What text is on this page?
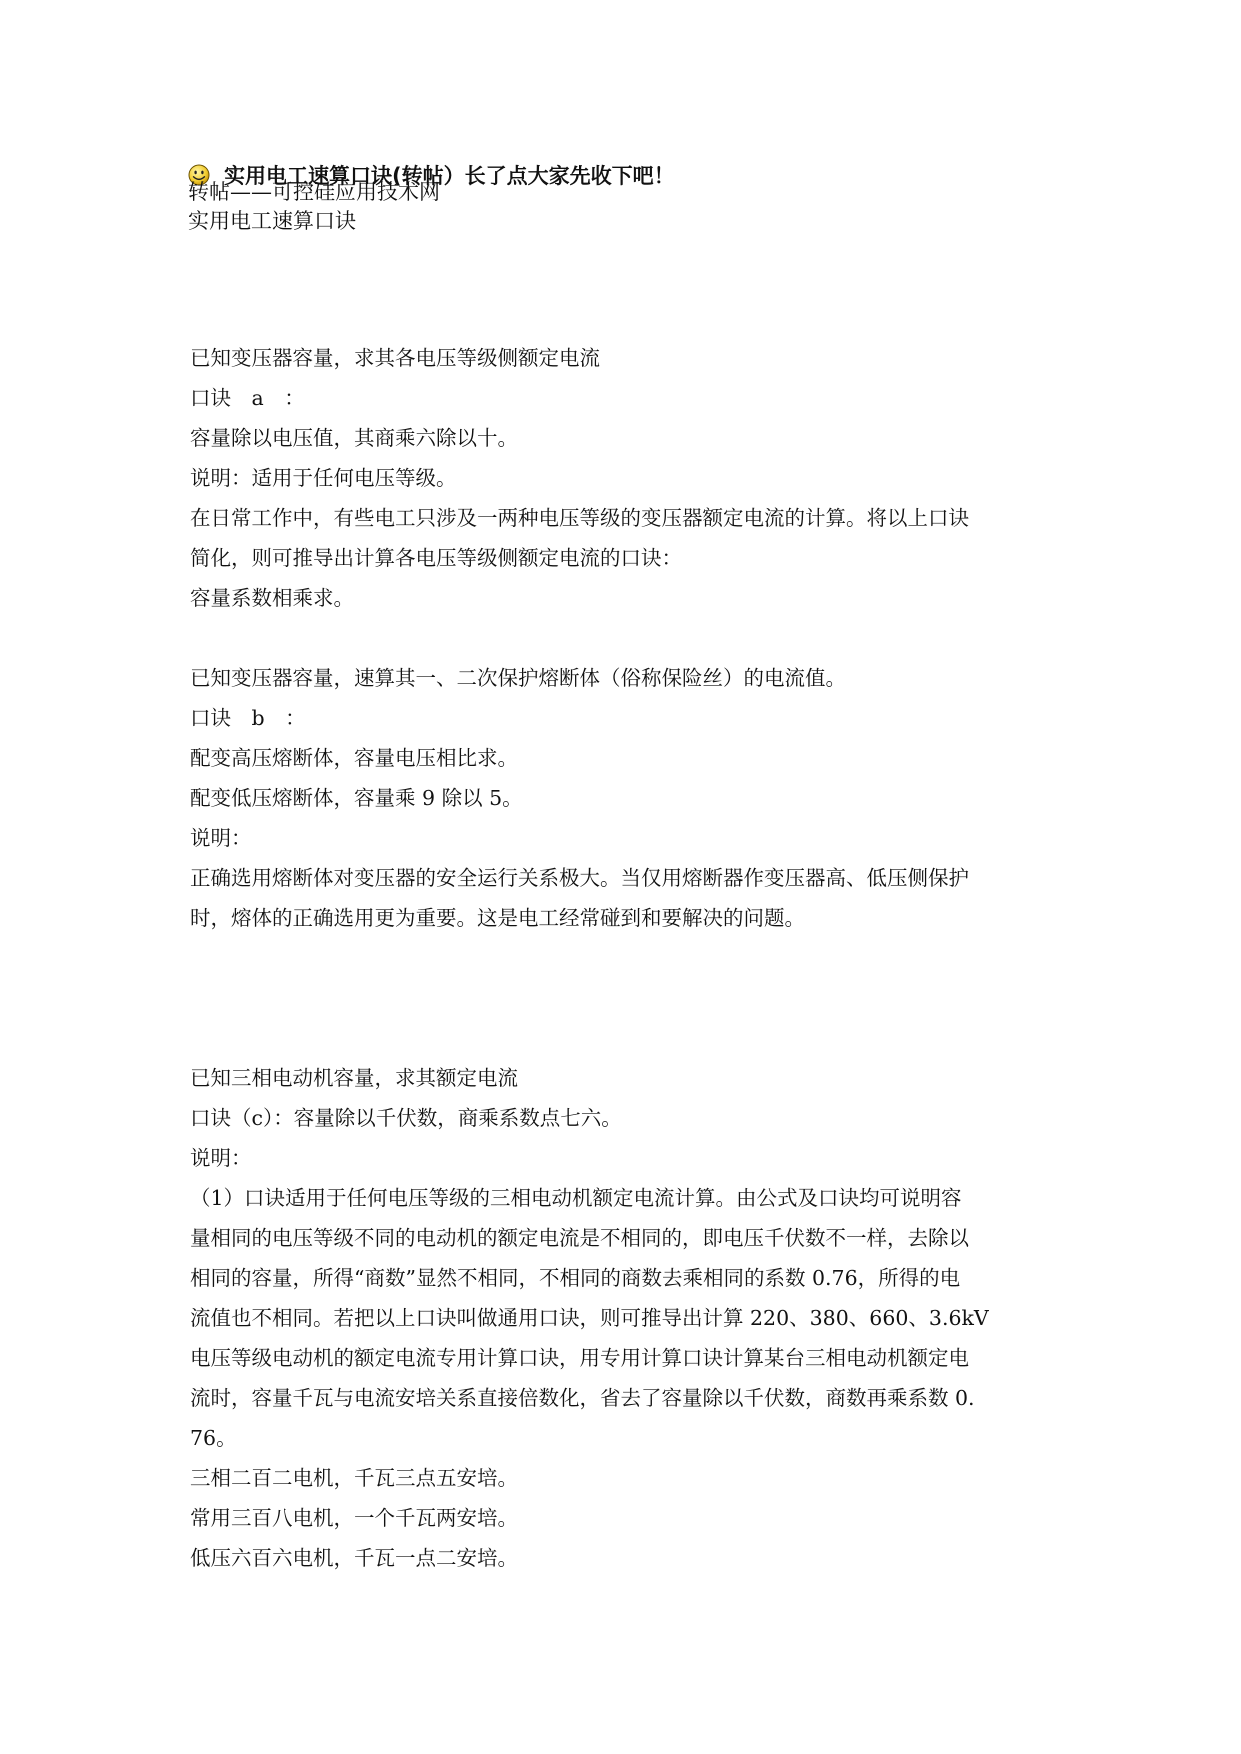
实用电工速算口诀(转帖）长了点大家先收下吧！
转帖——可控硅应用技术网
实用电工速算口诀
已知变压器容量，求其各电压等级侧额定电流
口诀　a　：
容量除以电压值，其商乘六除以十。
说明：适用于任何电压等级。
在日常工作中，有些电工只涉及一两种电压等级的变压器额定电流的计算。将以上口诀
简化，则可推导出计算各电压等级侧额定电流的口诀：
容量系数相乘求。
已知变压器容量，速算其一、二次保护熔断体（俗称保险丝）的电流值。
口诀　b　：
配变高压熔断体，容量电压相比求。
配变低压熔断体，容量乘 9 除以 5。
说明：
正确选用熔断体对变压器的安全运行关系极大。当仅用熔断器作变压器高、低压侧保护
时，熔体的正确选用更为重要。这是电工经常碰到和要解决的问题。
已知三相电动机容量，求其额定电流
口诀（c）：容量除以千伏数，商乘系数点七六。
说明：
（1）口诀适用于任何电压等级的三相电动机额定电流计算。由公式及口诀均可说明容
量相同的电压等级不同的电动机的额定电流是不相同的，即电压千伏数不一样，去除以
相同的容量，所得“商数”显然不相同，不相同的商数去乘相同的系数 0.76，所得的电
流值也不相同。若把以上口诀叫做通用口诀，则可推导出计算 220、380、660、3.6kV
电压等级电动机的额定电流专用计算口诀，用专用计算口诀计算某台三相电动机额定电
流时，容量千瓦与电流安培关系直接倍数化，省去了容量除以千伏数，商数再乘系数 0.
76。
三相二百二电机，千瓦三点五安培。
常用三百八电机，一个千瓦两安培。
低压六百六电机，千瓦一点二安培。
